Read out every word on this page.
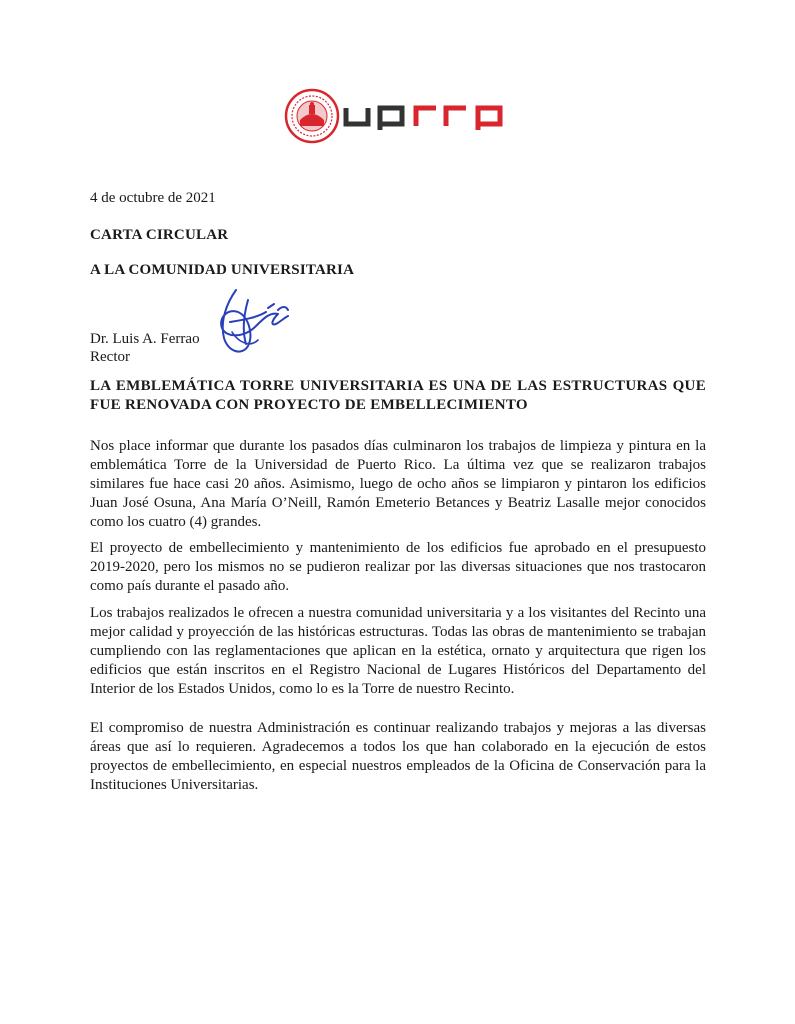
4 de octubre de 2021
CARTA CIRCULAR
A LA COMUNIDAD UNIVERSITARIA
Dr. Luis A. Ferrao
Rector
LA EMBLEMÁTICA TORRE UNIVERSITARIA ES UNA DE LAS ESTRUCTURAS QUE FUE RENOVADA CON PROYECTO DE EMBELLECIMIENTO

Nos place informar que durante los pasados días culminaron los trabajos de limpieza y pintura en la emblemática Torre de la Universidad de Puerto Rico. La última vez que se realizaron trabajos similares fue hace casi 20 años. Asimismo, luego de ocho años se limpiaron y pintaron los edificios Juan José Osuna, Ana María O’Neill, Ramón Emeterio Betances y Beatriz Lasalle mejor conocidos como los cuatro (4) grandes.

El proyecto de embellecimiento y mantenimiento de los edificios fue aprobado en el presupuesto 2019-2020, pero los mismos no se pudieron realizar por las diversas situaciones que nos trastocaron como país durante el pasado año.

Los trabajos realizados le ofrecen a nuestra comunidad universitaria y a los visitantes del Recinto una mejor calidad y proyección de las históricas estructuras. Todas las obras de mantenimiento se trabajan cumpliendo con las reglamentaciones que aplican en la estética, ornato y arquitectura que rigen los edificios que están inscritos en el Registro Nacional de Lugares Históricos del Departamento del Interior de los Estados Unidos, como lo es la Torre de nuestro Recinto.

El compromiso de nuestra Administración es continuar realizando trabajos y mejoras a las diversas áreas que así lo requieren. Agradecemos a todos los que han colaborado en la ejecución de estos proyectos de embellecimiento, en especial nuestros empleados de la Oficina de Conservación para la Instituciones Universitarias.
